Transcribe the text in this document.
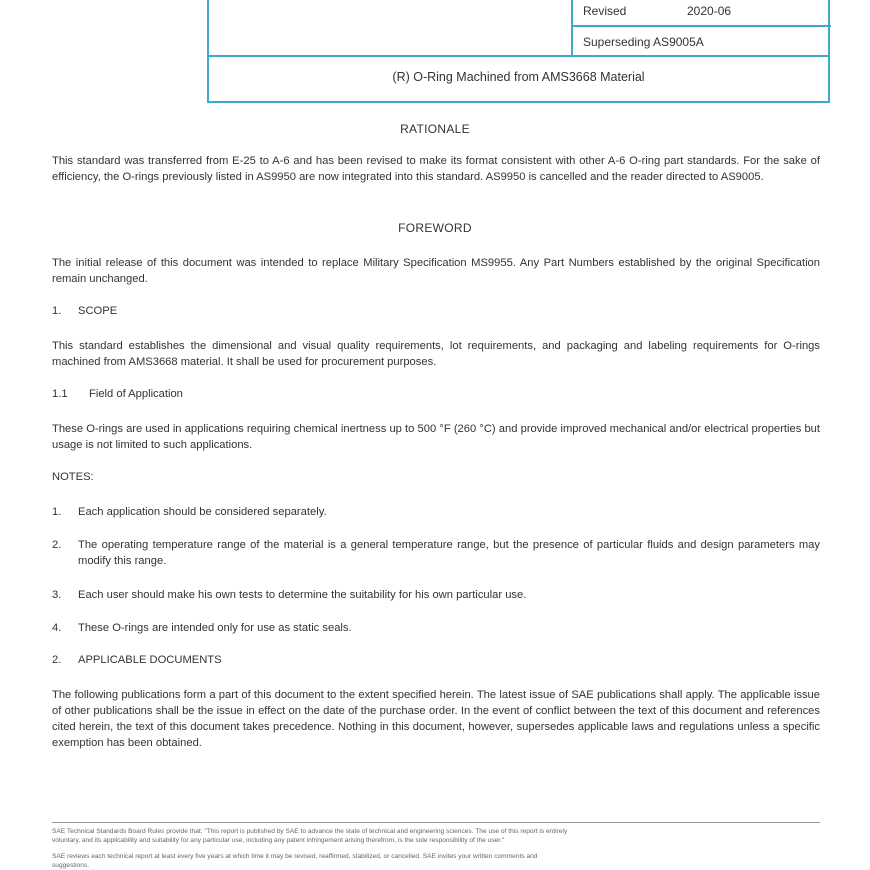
Revised	2020-06
Superseding AS9005A
(R) O-Ring Machined from AMS3668 Material
RATIONALE

This standard was transferred from E-25 to A-6 and has been revised to make its format consistent with other A-6 O-ring part standards. For the sake of efficiency, the O-rings previously listed in AS9950 are now integrated into this standard. AS9950 is cancelled and the reader directed to AS9005.

FOREWORD

The initial release of this document was intended to replace Military Specification MS9955. Any Part Numbers established by the original Specification remain unchanged.

1. SCOPE

This standard establishes the dimensional and visual quality requirements, lot requirements, and packaging and labeling requirements for O-rings machined from AMS3668 material. It shall be used for procurement purposes.

1.1 Field of Application

These O-rings are used in applications requiring chemical inertness up to 500 °F (260 °C) and provide improved mechanical and/or electrical properties but usage is not limited to such applications.

NOTES:
1. Each application should be considered separately.
2. The operating temperature range of the material is a general temperature range, but the presence of particular fluids and design parameters may modify this range.
3. Each user should make his own tests to determine the suitability for his own particular use.
4. These O-rings are intended only for use as static seals.
2. APPLICABLE DOCUMENTS

The following publications form a part of this document to the extent specified herein. The latest issue of SAE publications shall apply. The applicable issue of other publications shall be the issue in effect on the date of the purchase order. In the event of conflict between the text of this document and references cited herein, the text of this document takes precedence. Nothing in this document, however, supersedes applicable laws and regulations unless a specific exemption has been obtained.

SAE Technical Standards Board Rules provide that: "This report is published by SAE to advance the state of technical and engineering sciences. The use of this report is entirely
voluntary, and its applicability and suitability for any particular use, including any patent infringement arising therefrom, is the sole responsibility of the user."
SAE reviews each technical report at least every five years at which time it may be revised, reaffirmed, stabilized, or cancelled. SAE invites your written comments and
suggestions.
